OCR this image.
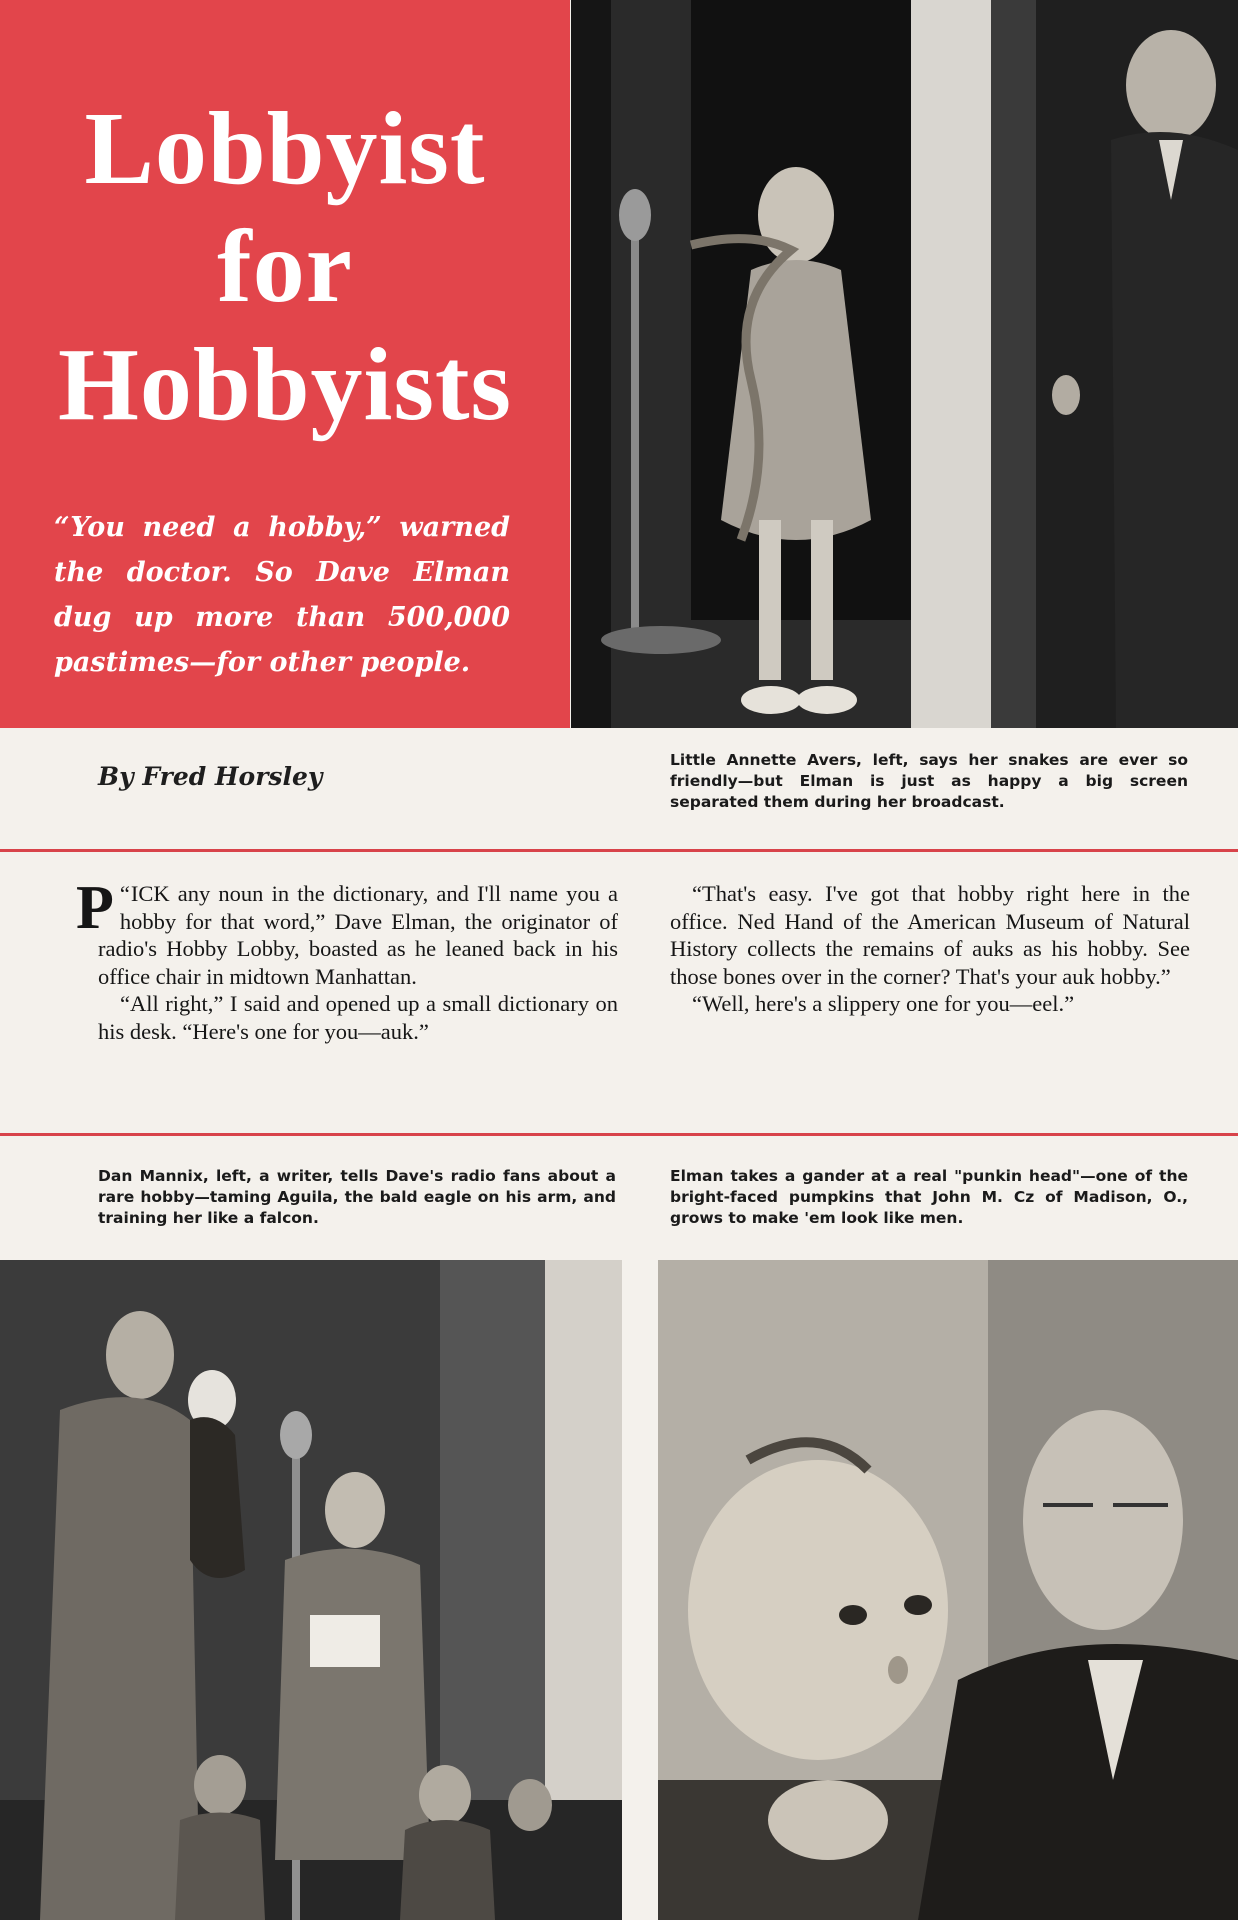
Lobbyist
for
Hobbyists
“You need a hobby,” warned the doctor. So Dave Elman dug up more than 500,000 pastimes—for other people.
By Fred Horsley
Little Annette Avers, left, says her snakes are ever so friendly—but Elman is just as happy a big screen separated them during her broadcast.

“
P ICK any noun in the dictionary, and I'll name you a hobby for that word,” Dave Elman, the originator of radio's Hobby Lobby, boasted as he leaned back in his office chair in midtown Manhattan.

“All right,” I said and opened up a small dictionary on his desk. “Here's one for you—auk.”

“That's easy. I've got that hobby right here in the office. Ned Hand of the American Museum of Natural History collects the remains of auks as his hobby. See those bones over in the corner? That's your auk hobby.”

“Well, here's a slippery one for you—eel.”

Dan Mannix, left, a writer, tells Dave's radio fans about a rare hobby—taming Aguila, the bald eagle on his arm, and training her like a falcon.
Elman takes a gander at a real "punkin head"—one of the bright-faced pumpkins that John M. Cz of Madison, O., grows to make 'em look like men.
